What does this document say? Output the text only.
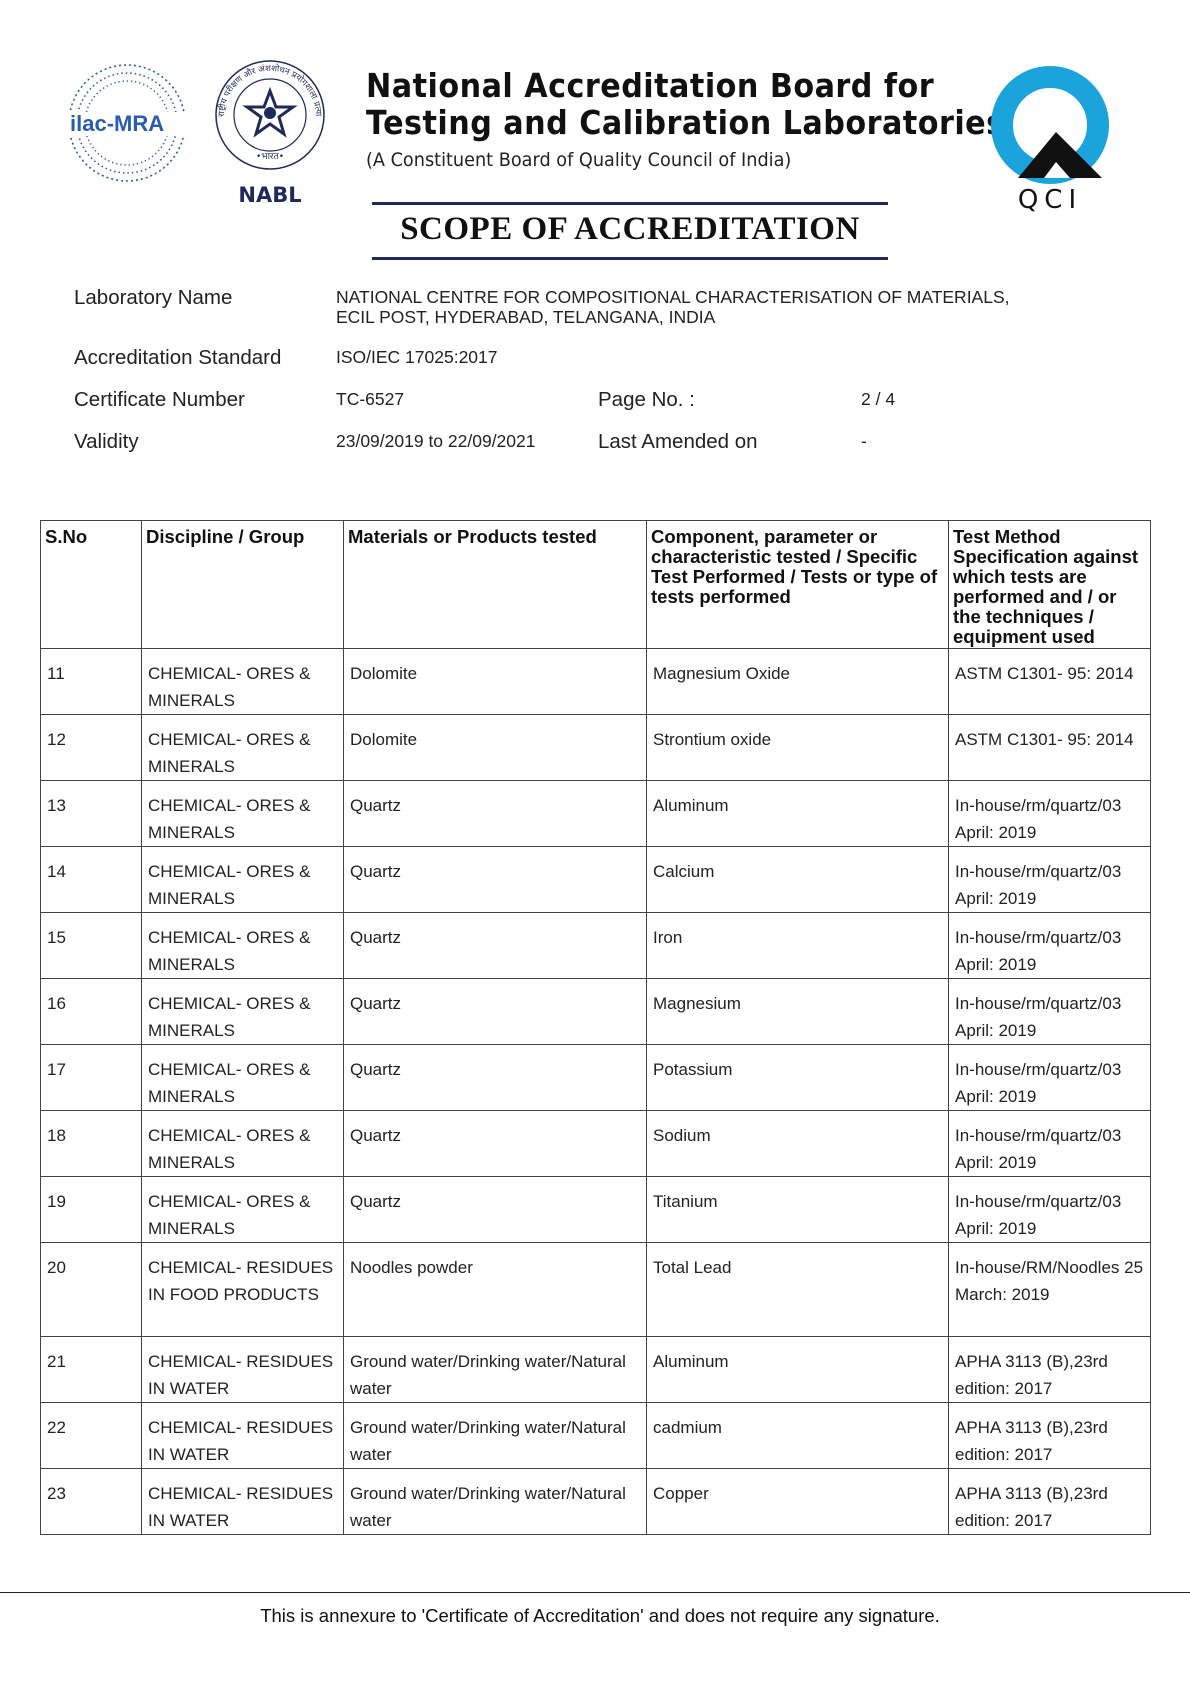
ilac-MRA	राष्ट्रीय परीक्षण और अंशशोधन प्रयोगशाला प्रत्या
•भारत•
NABL
National Accreditation Board for
Testing and Calibration Laboratories
(A Constituent Board of Quality Council of India)
QCI
SCOPE OF ACCREDITATION
Laboratory Name	NATIONAL CENTRE FOR COMPOSITIONAL CHARACTERISATION OF MATERIALS,
ECIL POST, HYDERABAD, TELANGANA, INDIA
Accreditation Standard	ISO/IEC 17025:2017
Certificate Number	TC-6527	Page No. :	2 / 4
Validity	23/09/2019 to 22/09/2021	Last Amended on	-
S.No	Discipline / Group	Materials or Products tested	Component, parameter or characteristic tested / Specific Test Performed / Tests or type of tests performed	Test Method Specification against which tests are performed and / or the techniques / equipment used
11	CHEMICAL- ORES & MINERALS	Dolomite	Magnesium Oxide	ASTM C1301- 95: 2014
12	CHEMICAL- ORES & MINERALS	Dolomite	Strontium oxide	ASTM C1301- 95: 2014
13	CHEMICAL- ORES & MINERALS	Quartz	Aluminum	In-house/rm/quartz/03 April: 2019
14	CHEMICAL- ORES & MINERALS	Quartz	Calcium	In-house/rm/quartz/03 April: 2019
15	CHEMICAL- ORES & MINERALS	Quartz	Iron	In-house/rm/quartz/03 April: 2019
16	CHEMICAL- ORES & MINERALS	Quartz	Magnesium	In-house/rm/quartz/03 April: 2019
17	CHEMICAL- ORES & MINERALS	Quartz	Potassium	In-house/rm/quartz/03 April: 2019
18	CHEMICAL- ORES & MINERALS	Quartz	Sodium	In-house/rm/quartz/03 April: 2019
19	CHEMICAL- ORES & MINERALS	Quartz	Titanium	In-house/rm/quartz/03 April: 2019
20	CHEMICAL- RESIDUES IN FOOD PRODUCTS	Noodles powder	Total Lead	In-house/RM/Noodles 25 March: 2019
21	CHEMICAL- RESIDUES IN WATER	Ground water/Drinking water/Natural water	Aluminum	APHA 3113 (B),23rd edition: 2017
22	CHEMICAL- RESIDUES IN WATER	Ground water/Drinking water/Natural water	cadmium	APHA 3113 (B),23rd edition: 2017
23	CHEMICAL- RESIDUES IN WATER	Ground water/Drinking water/Natural water	Copper	APHA 3113 (B),23rd edition: 2017
This is annexure to 'Certificate of Accreditation' and does not require any signature.
